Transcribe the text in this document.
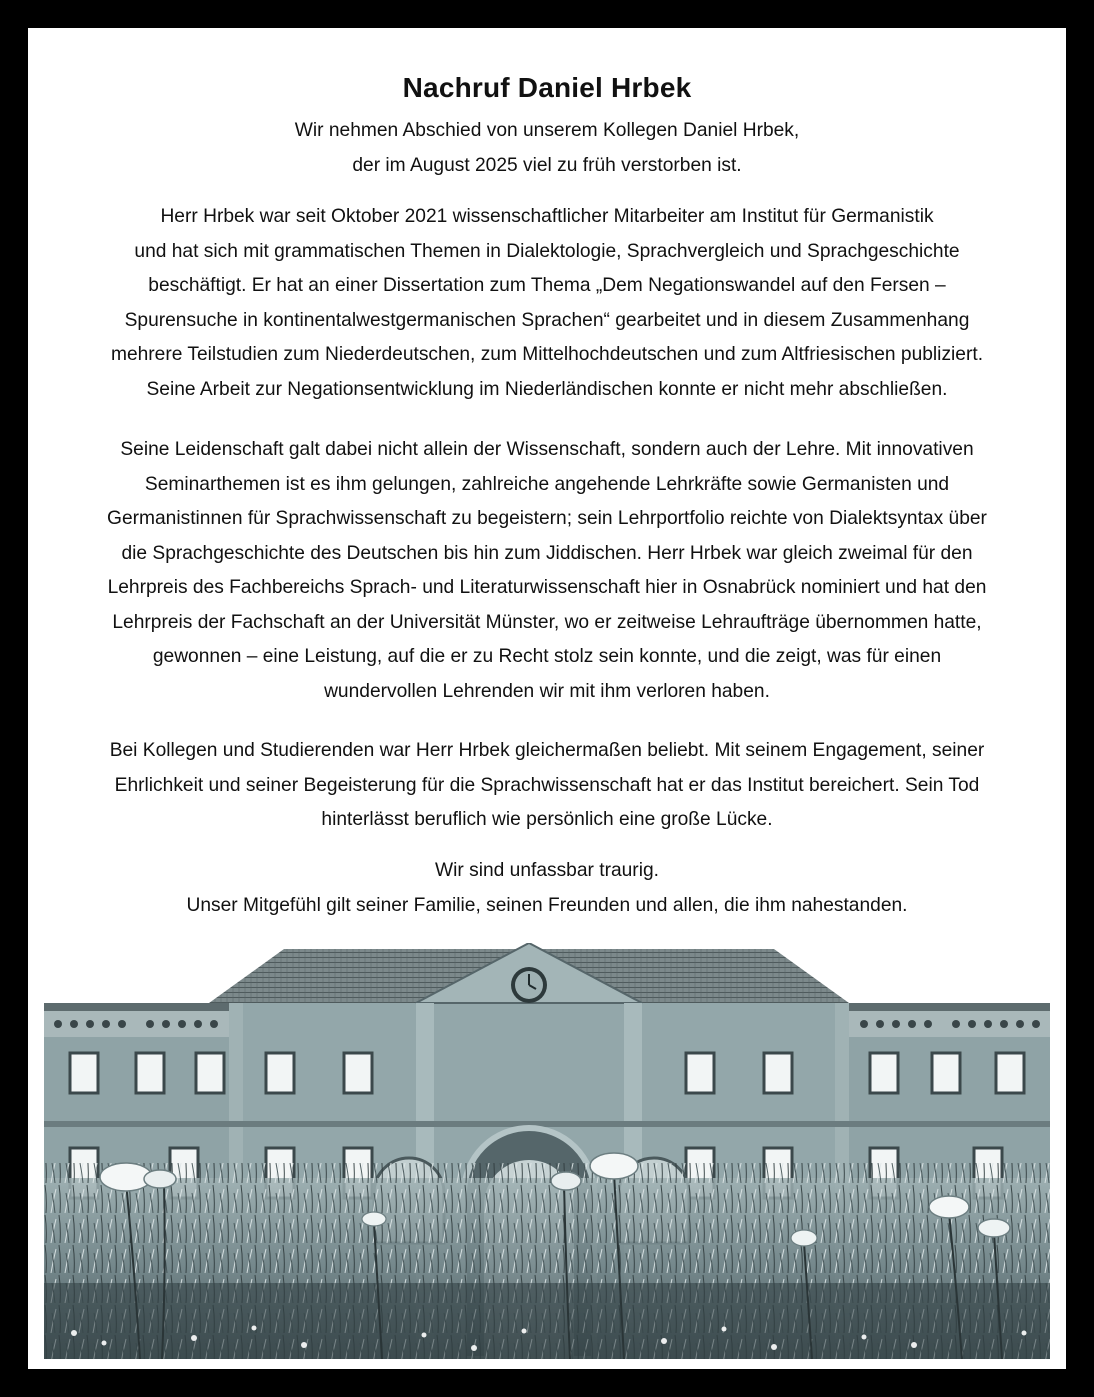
Nachruf Daniel Hrbek

Wir nehmen Abschied von unserem Kollegen Daniel Hrbek,
der im August 2025 viel zu früh verstorben ist.

Herr Hrbek war seit Oktober 2021 wissenschaftlicher Mitarbeiter am Institut für Germanistik
und hat sich mit grammatischen Themen in Dialektologie, Sprachvergleich und Sprachgeschichte
beschäftigt. Er hat an einer Dissertation zum Thema „Dem Negationswandel auf den Fersen –
Spurensuche in kontinentalwestgermanischen Sprachen“ gearbeitet und in diesem Zusammenhang
mehrere Teilstudien zum Niederdeutschen, zum Mittelhochdeutschen und zum Altfriesischen publiziert.
Seine Arbeit zur Negationsentwicklung im Niederländischen konnte er nicht mehr abschließen.

Seine Leidenschaft galt dabei nicht allein der Wissenschaft, sondern auch der Lehre. Mit innovativen
Seminarthemen ist es ihm gelungen, zahlreiche angehende Lehrkräfte sowie Germanisten und
Germanistinnen für Sprachwissenschaft zu begeistern; sein Lehrportfolio reichte von Dialektsyntax über
die Sprachgeschichte des Deutschen bis hin zum Jiddischen. Herr Hrbek war gleich zweimal für den
Lehrpreis des Fachbereichs Sprach- und Literaturwissenschaft hier in Osnabrück nominiert und hat den
Lehrpreis der Fachschaft an der Universität Münster, wo er zeitweise Lehraufträge übernommen hatte,
gewonnen – eine Leistung, auf die er zu Recht stolz sein konnte, und die zeigt, was für einen
wundervollen Lehrenden wir mit ihm verloren haben.

Bei Kollegen und Studierenden war Herr Hrbek gleichermaßen beliebt. Mit seinem Engagement, seiner
Ehrlichkeit und seiner Begeisterung für die Sprachwissenschaft hat er das Institut bereichert. Sein Tod
hinterlässt beruflich wie persönlich eine große Lücke.

Wir sind unfassbar traurig.
Unser Mitgefühl gilt seiner Familie, seinen Freunden und allen, die ihm nahestanden.
